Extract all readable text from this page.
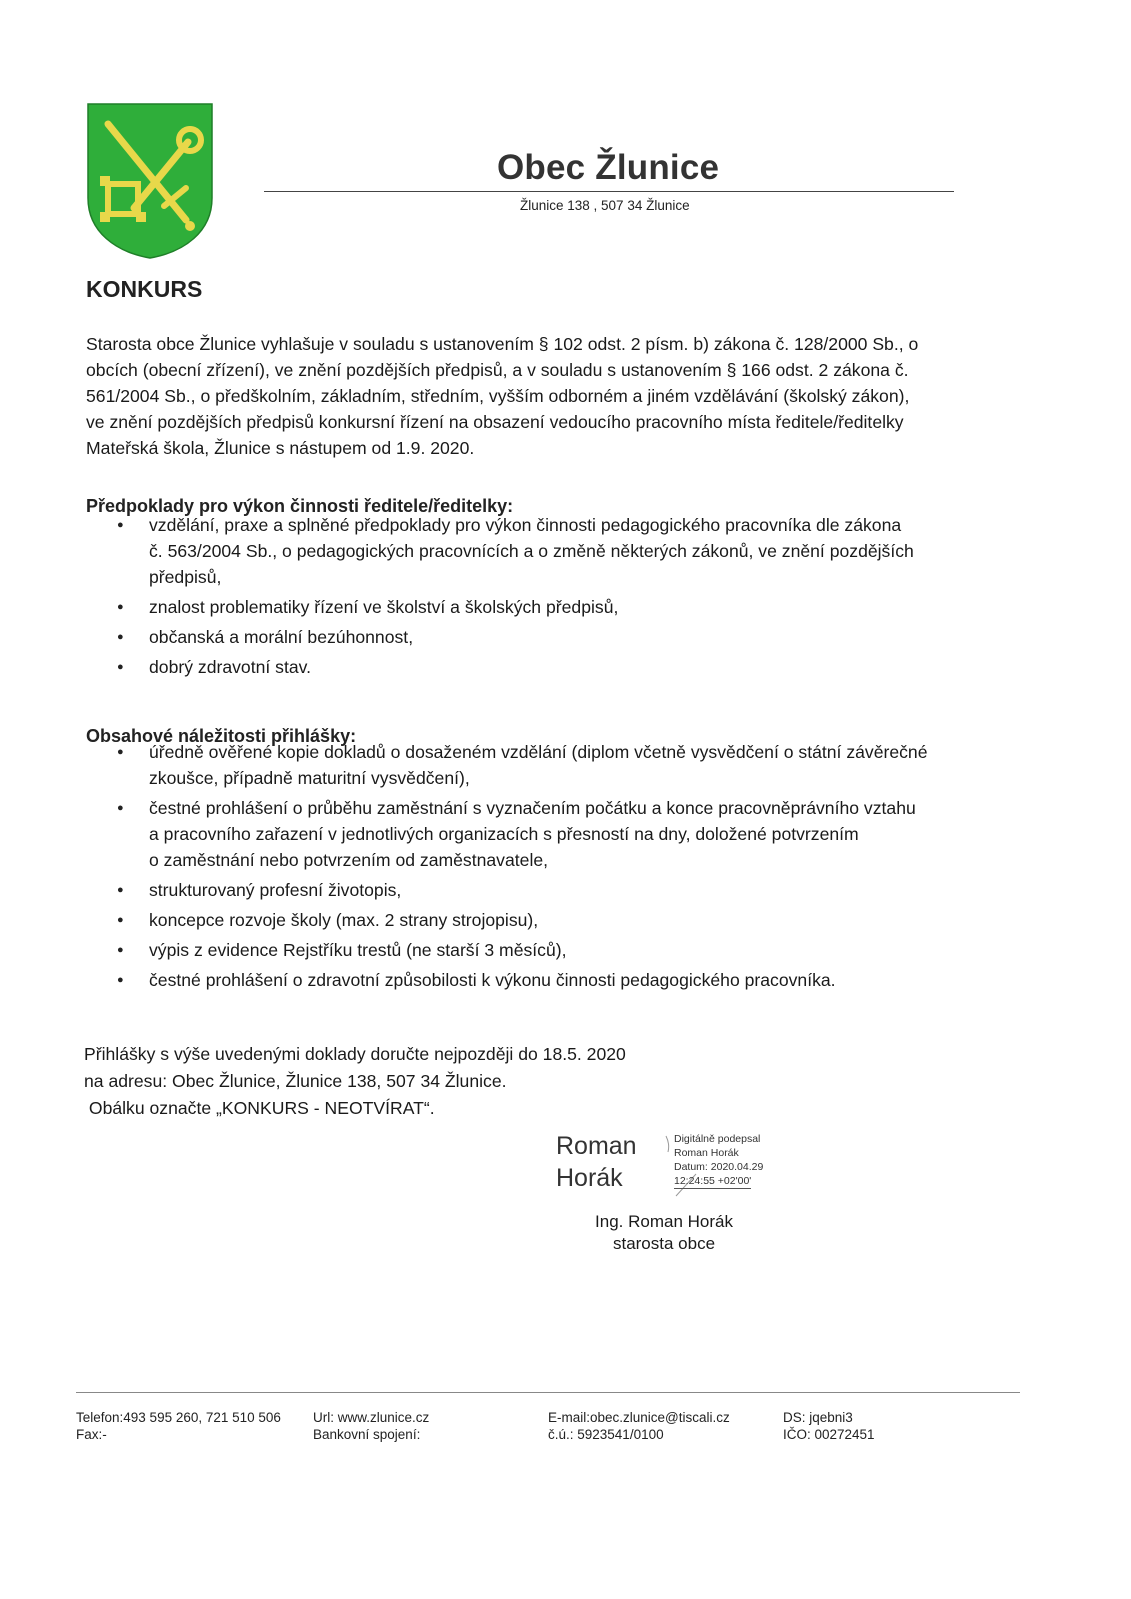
Obec Žlunice
Žlunice 138 , 507 34 Žlunice
KONKURS
Starosta obce Žlunice vyhlašuje v souladu s ustanovením § 102 odst. 2 písm. b) zákona č. 128/2000 Sb., o
obcích (obecní zřízení), ve znění pozdějších předpisů, a v souladu s ustanovením § 166 odst. 2 zákona č.
561/2004 Sb., o předškolním, základním, středním, vyšším odborném a jiném vzdělávání (školský zákon),
ve znění pozdějších předpisů konkursní řízení na obsazení vedoucího pracovního místa ředitele/ředitelky
Mateřská škola, Žlunice s nástupem od 1.9. 2020.
Předpoklady pro výkon činnosti ředitele/ředitelky:
● vzdělání, praxe a splněné předpoklady pro výkon činnosti pedagogického pracovníka dle zákona
č. 563/2004 Sb., o pedagogických pracovnících a o změně některých zákonů, ve znění pozdějších
předpisů,
● znalost problematiky řízení ve školství a školských předpisů,
● občanská a morální bezúhonnost,
● dobrý zdravotní stav.
Obsahové náležitosti přihlášky:
● úředně ověřené kopie dokladů o dosaženém vzdělání (diplom včetně vysvědčení o státní závěrečné
zkoušce, případně maturitní vysvědčení),
● čestné prohlášení o průběhu zaměstnání s vyznačením počátku a konce pracovněprávního vztahu
a pracovního zařazení v jednotlivých organizacích s přesností na dny, doložené potvrzením
o zaměstnání nebo potvrzením od zaměstnavatele,
● strukturovaný profesní životopis,
● koncepce rozvoje školy (max. 2 strany strojopisu),
● výpis z evidence Rejstříku trestů (ne starší 3 měsíců),
● čestné prohlášení o zdravotní způsobilosti k výkonu činnosti pedagogického pracovníka.
Přihlášky s výše uvedenými doklady doručte nejpozději do 18.5. 2020
na adresu: Obec Žlunice, Žlunice 138, 507 34 Žlunice.
Obálku označte „KONKURS - NEOTVÍRAT“.
Roman
Horák
Digitálně podepsal
Roman Horák
Datum: 2020.04.29
12:24:55 +02'00'
Ing. Roman Horák
starosta obce
Telefon:493 595 260, 721 510 506
Fax:-
Url: www.zlunice.cz
Bankovní spojení:
E-mail:obec.zlunice@tiscali.cz
č.ú.: 5923541/0100
DS: jqebni3
IČO: 00272451
